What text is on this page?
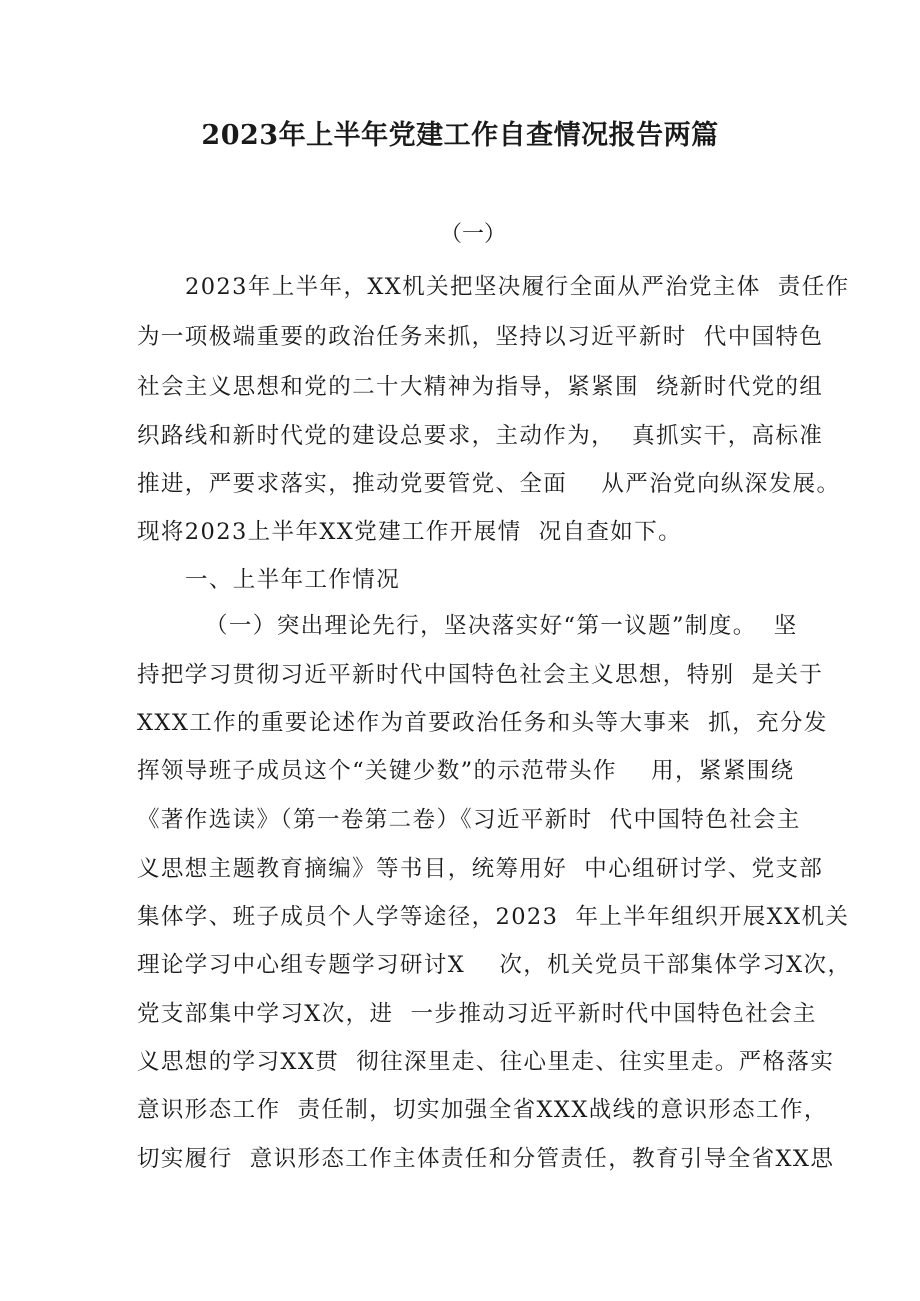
2023年上半年党建工作自查情况报告两篇
（一）
2023年上半年，XX机关把坚决履行全面从严治党主体  责任作
为一项极端重要的政治任务来抓，坚持以习近平新时  代中国特色
社会主义思想和党的二十大精神为指导，紧紧围  绕新时代党的组
织路线和新时代党的建设总要求，主动作为，  真抓实干，高标准
推进，严要求落实，推动党要管党、全面    从严治党向纵深发展。
现将2023上半年XX党建工作开展情  况自查如下。
一、上半年工作情况
（一）突出理论先行，坚决落实好“第一议题”制度。  坚
持把学习贯彻习近平新时代中国特色社会主义思想，特别  是关于
XXX工作的重要论述作为首要政治任务和头等大事来  抓，充分发
挥领导班子成员这个“关键少数”的示范带头作    用，紧紧围绕
《著作选读》（第一卷第二卷）《习近平新时  代中国特色社会主
义思想主题教育摘编》等书目，统筹用好  中心组研讨学、党支部
集体学、班子成员个人学等途径，2023  年上半年组织开展XX机关
理论学习中心组专题学习研讨X    次，机关党员干部集体学习X次，
党支部集中学习X次，进  一步推动习近平新时代中国特色社会主
义思想的学习XX贯  彻往深里走、往心里走、往实里走。严格落实
意识形态工作  责任制，切实加强全省XXX战线的意识形态工作，
切实履行  意识形态工作主体责任和分管责任，教育引导全省XX思
